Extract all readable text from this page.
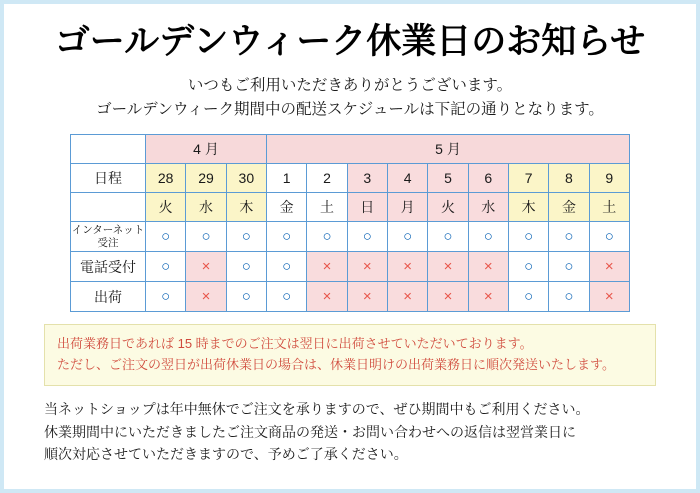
ゴールデンウィーク休業日のお知らせ
いつもご利用いただきありがとうございます。
ゴールデンウィーク期間中の配送スケジュールは下記の通りとなります。
	4 月			5 月								
日程	28	29	30	1	2	3	4	5	6	7	8	9
	火	水	木	金	土	日	月	火	水	木	金	土

インターネット
受注	○	○	○	○	○	○	○	○	○	○	○	○
電話受付	○	×	○	○	×	×	×	×	×	○	○	×
出荷	○	×	○	○	×	×	×	×	×	○	○	×
出荷業務日であれば 15 時までのご注文は翌日に出荷させていただいております。
ただし、ご注文の翌日が出荷休業日の場合は、休業日明けの出荷業務日に順次発送いたします。
当ネットショップは年中無休でご注文を承りますので、ぜひ期間中もご利用ください。
休業期間中にいただきましたご注文商品の発送・お問い合わせへの返信は翌営業日に
順次対応させていただきますので、予めご了承ください。
